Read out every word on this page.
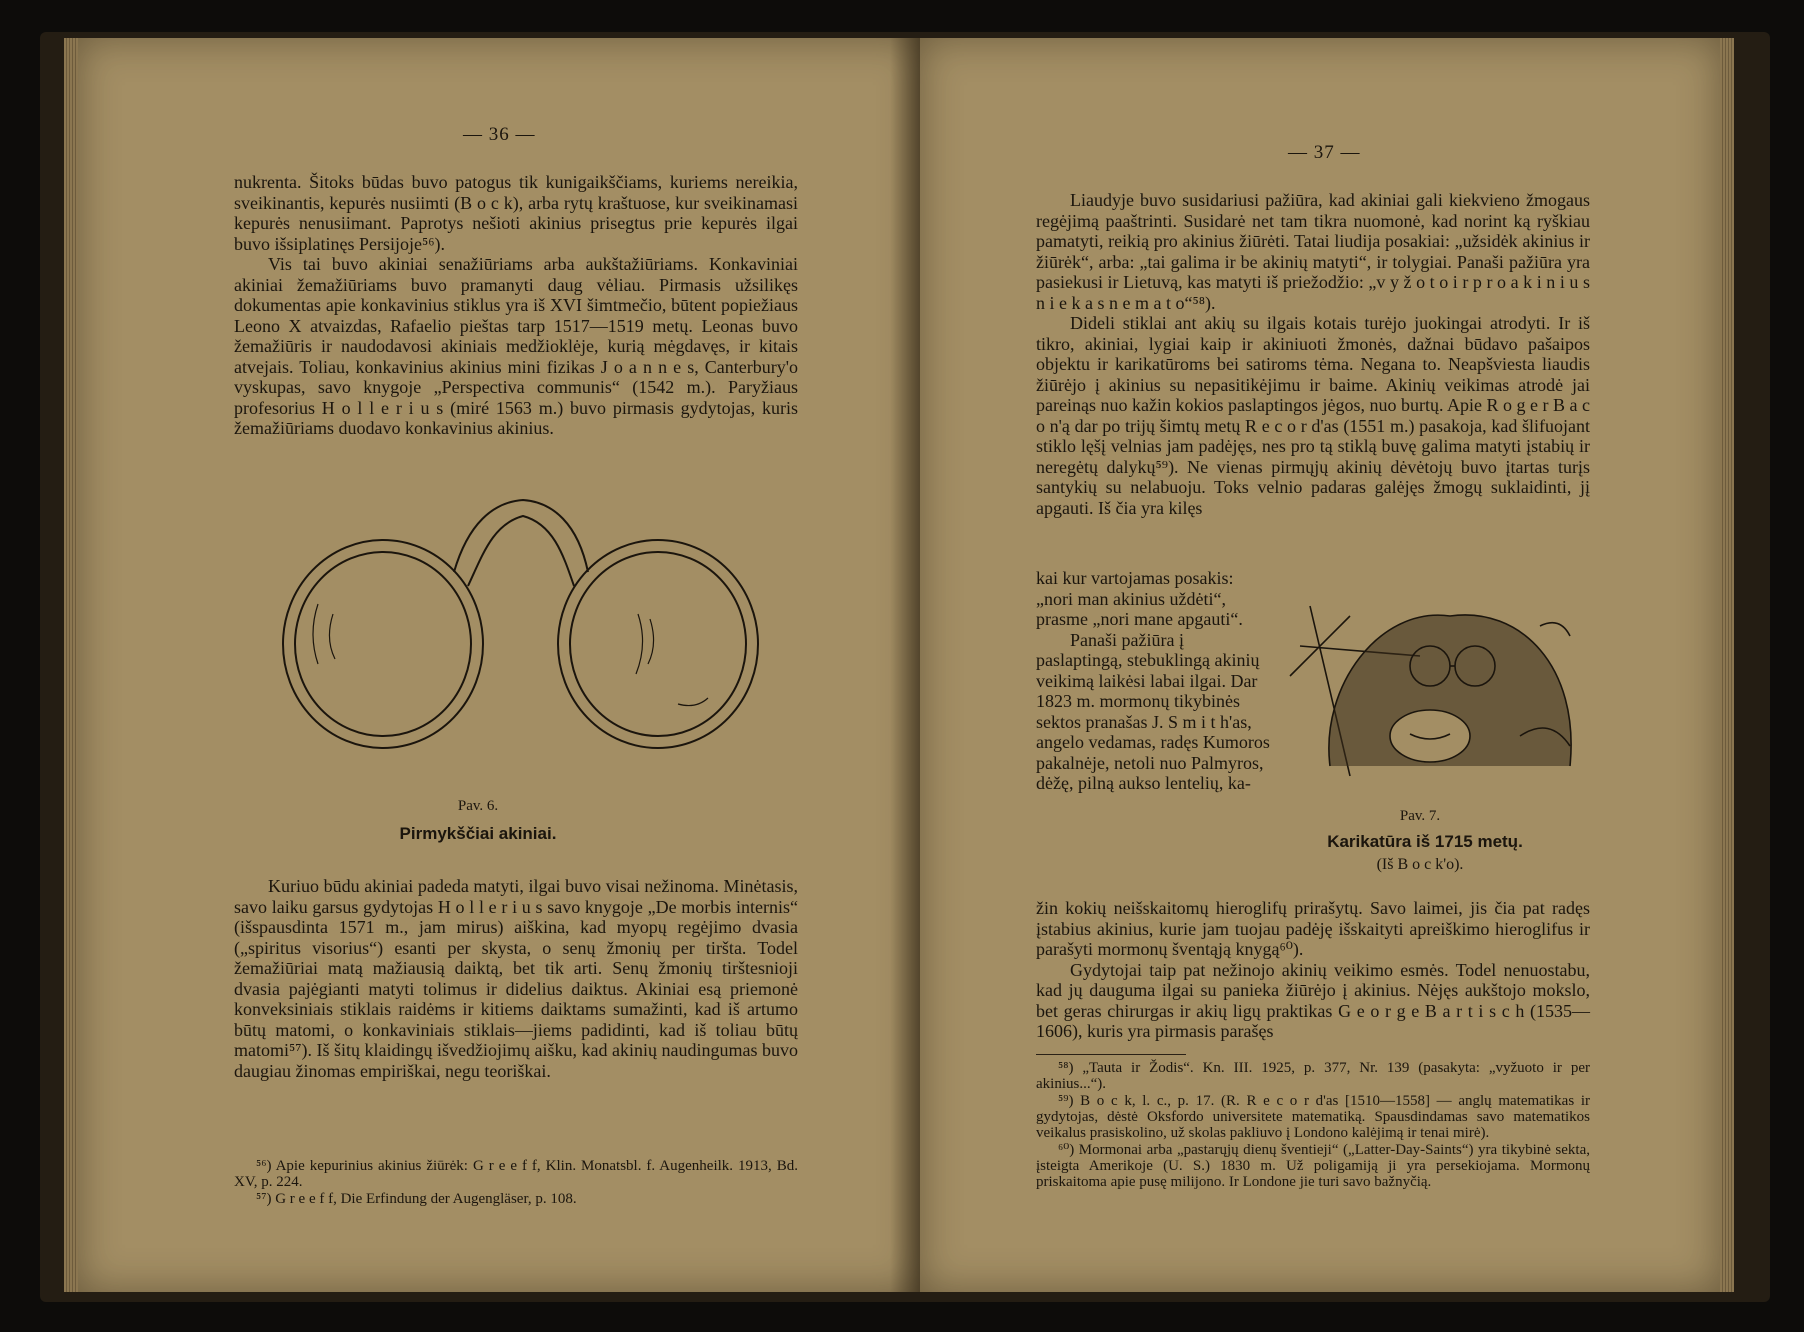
— 36 —

nukrenta. Šitoks būdas buvo patogus tik kunigaikščiams, kuriems nereikia, sveikinantis, kepurės nusiimti (B o c k), arba rytų kraštuose, kur sveikinamasi kepurės nenusiimant. Paprotys nešioti akinius prisegtus prie kepurės ilgai buvo išsiplatinęs Persijoje⁵⁶).

Vis tai buvo akiniai senažiūriams arba aukštažiūriams. Konkaviniai akiniai žemažiūriams buvo pramanyti daug vėliau. Pirmasis užsilikęs dokumentas apie konkavinius stiklus yra iš XVI šimtmečio, būtent popiežiaus Leono X atvaizdas, Rafaelio pieštas tarp 1517—1519 metų. Leonas buvo žemažiūris ir naudodavosi akiniais medžioklėje, kurią mėgdavęs, ir kitais atvejais. Toliau, konkavinius akinius mini fizikas J o a n n e s, Canterbury'o vyskupas, savo knygoje „Perspectiva communis“ (1542 m.). Paryžiaus profesorius H o l l e r i u s (miré 1563 m.) buvo pirmasis gydytojas, kuris žemažiūriams duodavo konkavinius akinius.

Pav. 6.
Pirmykščiai akiniai.

Kuriuo būdu akiniai padeda matyti, ilgai buvo visai nežinoma. Minėtasis, savo laiku garsus gydytojas H o l l e r i u s savo knygoje „De morbis internis“ (išspausdinta 1571 m., jam mirus) aiškina, kad myopų regėjimo dvasia („spiritus visorius“) esanti per skysta, o senų žmonių per tiršta. Todel žemažiūriai matą mažiausią daiktą, bet tik arti. Senų žmonių tirštesnioji dvasia pajėgianti matyti tolimus ir didelius daiktus. Akiniai esą priemonė konveksiniais stiklais raidėms ir kitiems daiktams sumažinti, kad iš artumo būtų matomi, o konkaviniais stiklais—jiems padidinti, kad iš toliau būtų matomi⁵⁷). Iš šitų klaidingų išvedžiojimų aišku, kad akinių naudingumas buvo daugiau žinomas empiriškai, negu teoriškai.

⁵⁶) Apie kepurinius akinius žiūrėk: G r e e f f, Klin. Monatsbl. f. Augenheilk. 1913, Bd. XV, p. 224.

⁵⁷) G r e e f f, Die Erfindung der Augengläser, p. 108.

— 37 —

Liaudyje buvo susidariusi pažiūra, kad akiniai gali kiekvieno žmogaus regėjimą paaštrinti. Susidarė net tam tikra nuomonė, kad norint ką ryškiau pamatyti, reikią pro akinius žiūrėti. Tatai liudija posakiai: „užsidėk akinius ir žiūrėk“, arba: „tai galima ir be akinių matyti“, ir tolygiai. Panaši pažiūra yra pasiekusi ir Lietuvą, kas matyti iš priežodžio: „v y ž o t o i r p r o a k i n i u s n i e k a s n e m a t o“⁵⁸).

Dideli stiklai ant akių su ilgais kotais turėjo juokingai atrodyti. Ir iš tikro, akiniai, lygiai kaip ir akiniuoti žmonės, dažnai būdavo pašaipos objektu ir karikatūroms bei satiroms tėma. Negana to. Neapšviesta liaudis žiūrėjo į akinius su nepasitikėjimu ir baime. Akinių veikimas atrodė jai pareinąs nuo kažin kokios paslaptingos jėgos, nuo burtų. Apie R o g e r B a c o n'ą dar po trijų šimtų metų R e c o r d'as (1551 m.) pasakoja, kad šlifuojant stiklo lęšį velnias jam padėjęs, nes pro tą stiklą buvę galima matyti įstabių ir neregėtų dalykų⁵⁹). Ne vienas pirmųjų akinių dėvėtojų buvo įtartas turįs santykių su nelabuoju. Toks velnio padaras galėjęs žmogų suklaidinti, jį apgauti. Iš čia yra kilęs

kai kur vartojamas posakis: „nori man akinius uždėti“, prasme „nori mane apgauti“.

Panaši pažiūra į paslaptingą, stebuklingą akinių veikimą laikėsi labai ilgai. Dar 1823 m. mormonų tikybinės sektos pranašas J. S m i t h'as, angelo vedamas, radęs Kumoros pakalnėje, netoli nuo Palmyros, dėžę, pilną aukso lentelių, ka-

Pav. 7.
Karikatūra iš 1715 metų.
(Iš B o c k'o).

žin kokių neišskaitomų hieroglifų prirašytų. Savo laimei, jis čia pat radęs įstabius akinius, kurie jam tuojau padėję išskaityti apreiškimo hieroglifus ir parašyti mormonų šventąją knygą⁶⁰).

Gydytojai taip pat nežinojo akinių veikimo esmės. Todel nenuostabu, kad jų dauguma ilgai su panieka žiūrėjo į akinius. Nėjęs aukštojo mokslo, bet geras chirurgas ir akių ligų praktikas G e o r g e B a r t i s c h (1535—1606), kuris yra pirmasis parašęs

⁵⁸) „Tauta ir Žodis“. Kn. III. 1925, p. 377, Nr. 139 (pasakyta: „vyžuoto ir per akinius...“).

⁵⁹) B o c k, l. c., p. 17. (R. R e c o r d'as [1510—1558] — anglų matematikas ir gydytojas, dėstė Oksfordo universitete matematiką. Spausdindamas savo matematikos veikalus prasiskolino, už skolas pakliuvo į Londono kalėjimą ir tenai mirė).

⁶⁰) Mormonai arba „pastarųjų dienų šventieji“ („Latter-Day-Saints“) yra tikybinė sekta, įsteigta Amerikoje (U. S.) 1830 m. Už poligamiją ji yra persekiojama. Mormonų priskaitoma apie pusę milijono. Ir Londone jie turi savo bažnyčią.
